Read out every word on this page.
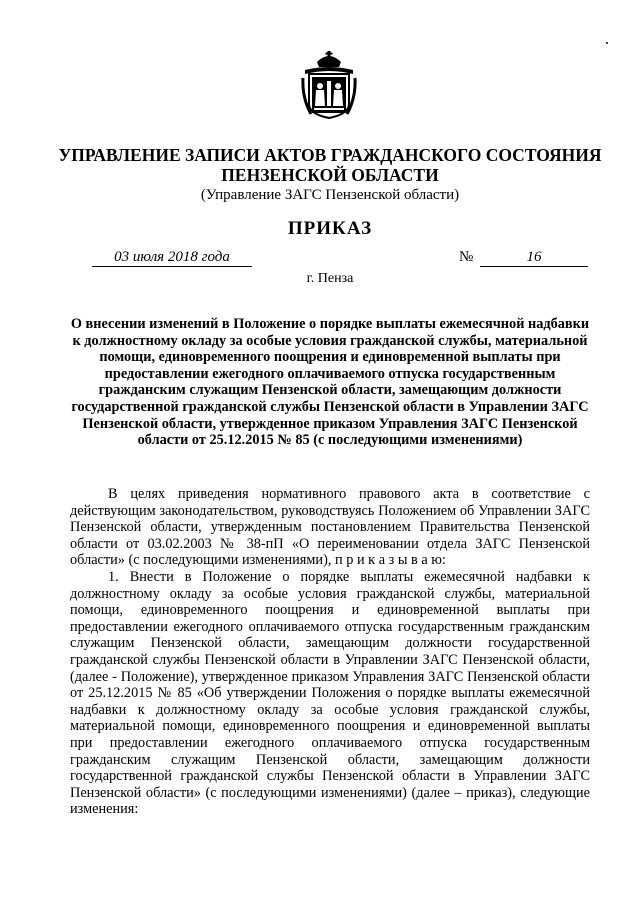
УПРАВЛЕНИЕ ЗАПИСИ АКТОВ ГРАЖДАНСКОГО СОСТОЯНИЯ
ПЕНЗЕНСКОЙ ОБЛАСТИ
(Управление ЗАГС Пензенской области)
ПРИКАЗ
03 июля 2018 года	№	16
г. Пенза
О внесении изменений в Положение о порядке выплаты ежемесячной надбавки к должностному окладу за особые условия гражданской службы, материальной помощи, единовременного поощрения и единовременной выплаты при предоставлении ежегодного оплачиваемого отпуска государственным гражданским служащим Пензенской области, замещающим должности государственной гражданской службы Пензенской области в Управлении ЗАГС Пензенской области, утвержденное приказом Управления ЗАГС Пензенской области от 25.12.2015 № 85 (с последующими изменениями)

В целях приведения нормативного правового акта в соответствие с действующим законодательством, руководствуясь Положением об Управлении ЗАГС Пензенской области, утвержденным постановлением Правительства Пензенской области от 03.02.2003 № 38-пП «О переименовании отдела ЗАГС Пензенской области» (с последующими изменениями), п р и к а з ы в а ю:

1. Внести в Положение о порядке выплаты ежемесячной надбавки к должностному окладу за особые условия гражданской службы, материальной помощи, единовременного поощрения и единовременной выплаты при предоставлении ежегодного оплачиваемого отпуска государственным гражданским служащим Пензенской области, замещающим должности государственной гражданской службы Пензенской области в Управлении ЗАГС Пензенской области, (далее - Положение), утвержденное приказом Управления ЗАГС Пензенской области от 25.12.2015 № 85 «Об утверждении Положения о порядке выплаты ежемесячной надбавки к должностному окладу за особые условия гражданской службы, материальной помощи, единовременного поощрения и единовременной выплаты при предоставлении ежегодного оплачиваемого отпуска государственным гражданским служащим Пензенской области, замещающим должности государственной гражданской службы Пензенской области в Управлении ЗАГС Пензенской области» (с последующими изменениями) (далее – приказ), следующие изменения:
